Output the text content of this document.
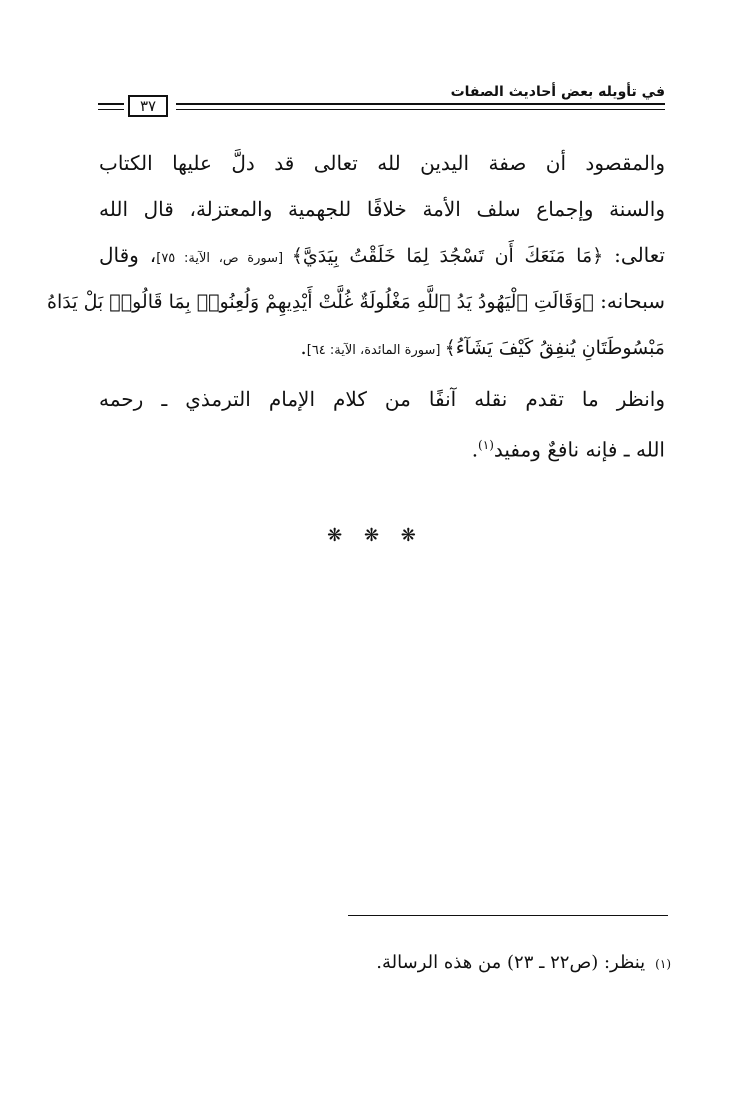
في تأويله بعض أحاديث الصفات
٣٧
والمقصود أن صفة اليدين لله تعالى قد دلَّ عليها الكتاب
والسنة وإجماع سلف الأمة خلافًا للجهمية والمعتزلة، قال الله
تعالى: ﴿مَا مَنَعَكَ أَن تَسْجُدَ لِمَا خَلَقْتُ بِيَدَيَّ﴾ [سورة ص، الآية: ٧٥]، وقال
سبحانه: ﴿وَقَالَتِ ٱلْيَهُودُ يَدُ ٱللَّهِ مَغْلُولَةٌ غُلَّتْ أَيْدِيهِمْ وَلُعِنُوا۟ بِمَا قَالُوا۟ بَلْ يَدَاهُ
مَبْسُوطَتَانِ يُنفِقُ كَيْفَ يَشَآءُ﴾ [سورة المائدة، الآية: ٦٤].
وانظر ما تقدم نقله آنفًا من كلام الإمام الترمذي ـ رحمه
الله ـ فإنه نافعٌ ومفيد$^{(١)}$.
❋ ❋ ❋
(١)ينظر: (ص٢٢ ـ ٢٣) من هذه الرسالة.
